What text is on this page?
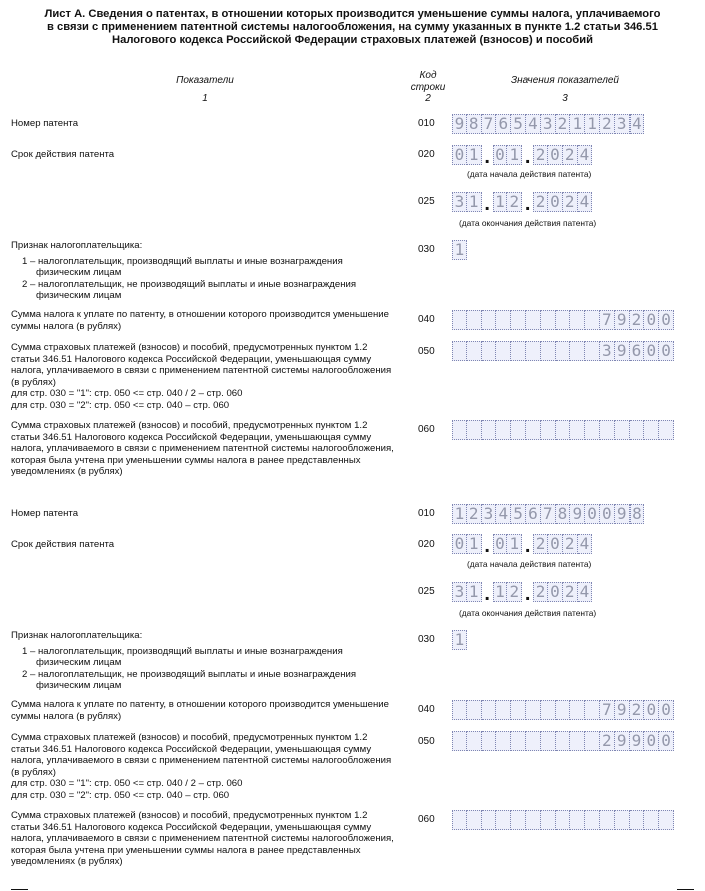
Лист А. Сведения о патентах, в отношении которых производится уменьшение суммы налога, уплачиваемого в связи с применением патентной системы налогообложения, на сумму указанных в пункте 1.2 статьи 346.51 Налогового кодекса Российской Федерации страховых платежей (взносов) и пособий
Показатели
1
Код строки
2
Значения показателей
3
Номер патента	010	9 8 7 6 5 4 3 2 1 1 2 3 4
Срок действия патента	020	0 1 . 0 1 . 2 0 2 4
(дата начала действия патента)
025	3 1 . 1 2 . 2 0 2 4
(дата окончания действия патента)
Признак налогоплательщика:
1 – налогоплательщик, производящий выплаты и иные вознаграждения физическим лицам
2 – налогоплательщик, не производящий выплаты и иные вознаграждения физическим лицам
030	1
Сумма налога к уплате по патенту, в отношении которого производится уменьшение суммы налога (в рублях)
040	7 9 2 0 0
Сумма страховых платежей (взносов) и пособий, предусмотренных пунктом 1.2 статьи 346.51 Налогового кодекса Российской Федерации, уменьшающая сумму налога, уплачиваемого в связи с применением патентной системы налогообложения (в рублях)
для стр. 030 = "1": стр. 050 <= стр. 040 / 2 – стр. 060
для стр. 030 = "2": стр. 050 <= стр. 040 – стр. 060
050	3 9 6 0 0
Сумма страховых платежей (взносов) и пособий, предусмотренных пунктом 1.2 статьи 346.51 Налогового кодекса Российской Федерации, уменьшающая сумму налога, уплачиваемого в связи с применением патентной системы налогообложения, которая была учтена при уменьшении суммы налога в ранее представленных уведомлениях (в рублях)
060
Номер патента	010	1 2 3 4 5 6 7 8 9 0 0 9 8
Срок действия патента	020	0 1 . 0 1 . 2 0 2 4
(дата начала действия патента)
025	3 1 . 1 2 . 2 0 2 4
(дата окончания действия патента)
Признак налогоплательщика:
1 – налогоплательщик, производящий выплаты и иные вознаграждения физическим лицам
2 – налогоплательщик, не производящий выплаты и иные вознаграждения физическим лицам
030	1
Сумма налога к уплате по патенту, в отношении которого производится уменьшение суммы налога (в рублях)
040	7 9 2 0 0
Сумма страховых платежей (взносов) и пособий, предусмотренных пунктом 1.2 статьи 346.51 Налогового кодекса Российской Федерации, уменьшающая сумму налога, уплачиваемого в связи с применением патентной системы налогообложения (в рублях)
для стр. 030 = "1": стр. 050 <= стр. 040 / 2 – стр. 060
для стр. 030 = "2": стр. 050 <= стр. 040 – стр. 060
050	2 9 9 0 0
Сумма страховых платежей (взносов) и пособий, предусмотренных пунктом 1.2 статьи 346.51 Налогового кодекса Российской Федерации, уменьшающая сумму налога, уплачиваемого в связи с применением патентной системы налогообложения, которая была учтена при уменьшении суммы налога в ранее представленных уведомлениях (в рублях)
060
